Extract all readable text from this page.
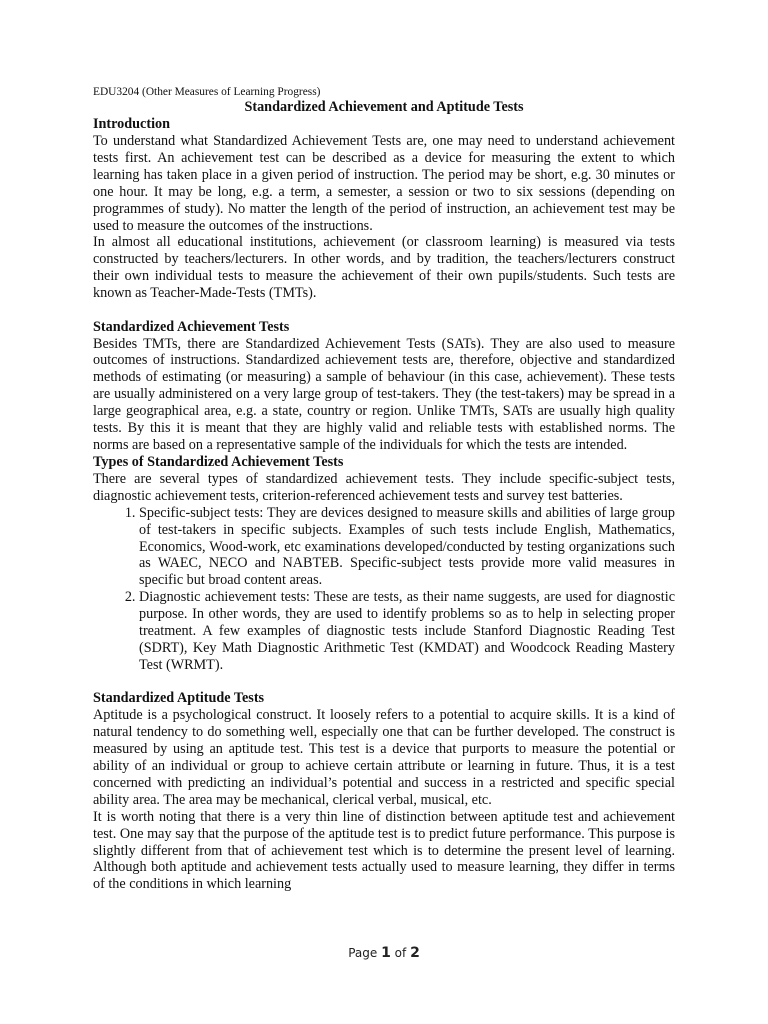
EDU3204 (Other Measures of Learning Progress)
Standardized Achievement and Aptitude Tests
Introduction

To understand what Standardized Achievement Tests are, one may need to understand achievement tests first. An achievement test can be described as a device for measuring the extent to which learning has taken place in a given period of instruction. The period may be short, e.g. 30 minutes or one hour. It may be long, e.g. a term, a semester, a session or two to six sessions (depending on programmes of study). No matter the length of the period of instruction, an achievement test may be used to measure the outcomes of the instructions.

In almost all educational institutions, achievement (or classroom learning) is measured via tests constructed by teachers/lecturers. In other words, and by tradition, the teachers/lecturers construct their own individual tests to measure the achievement of their own pupils/students. Such tests are known as Teacher-Made-Tests (TMTs).

Standardized Achievement Tests

Besides TMTs, there are Standardized Achievement Tests (SATs). They are also used to measure outcomes of instructions. Standardized achievement tests are, therefore, objective and standardized methods of estimating (or measuring) a sample of behaviour (in this case, achievement). These tests are usually administered on a very large group of test-takers. They (the test-takers) may be spread in a large geographical area, e.g. a state, country or region. Unlike TMTs, SATs are usually high quality tests. By this it is meant that they are highly valid and reliable tests with established norms. The norms are based on a representative sample of the individuals for which the tests are intended.

Types of Standardized Achievement Tests

There are several types of standardized achievement tests. They include specific-subject tests, diagnostic achievement tests, criterion-referenced achievement tests and survey test batteries.

1. Specific-subject tests: They are devices designed to measure skills and abilities of large group of test-takers in specific subjects. Examples of such tests include English, Mathematics, Economics, Wood-work, etc examinations developed/conducted by testing organizations such as WAEC, NECO and NABTEB. Specific-subject tests provide more valid measures in specific but broad content areas.
2. Diagnostic achievement tests: These are tests, as their name suggests, are used for diagnostic purpose. In other words, they are used to identify problems so as to help in selecting proper treatment. A few examples of diagnostic tests include Stanford Diagnostic Reading Test (SDRT), Key Math Diagnostic Arithmetic Test (KMDAT) and Woodcock Reading Mastery Test (WRMT).
Standardized Aptitude Tests

Aptitude is a psychological construct. It loosely refers to a potential to acquire skills. It is a kind of natural tendency to do something well, especially one that can be further developed. The construct is measured by using an aptitude test. This test is a device that purports to measure the potential or ability of an individual or group to achieve certain attribute or learning in future. Thus, it is a test concerned with predicting an individual’s potential and success in a restricted and specific special ability area. The area may be mechanical, clerical verbal, musical, etc.

It is worth noting that there is a very thin line of distinction between aptitude test and achievement test. One may say that the purpose of the aptitude test is to predict future performance. This purpose is slightly different from that of achievement test which is to determine the present level of learning. Although both aptitude and achievement tests actually used to measure learning, they differ in terms of the conditions in which learning

Page 1 of 2
